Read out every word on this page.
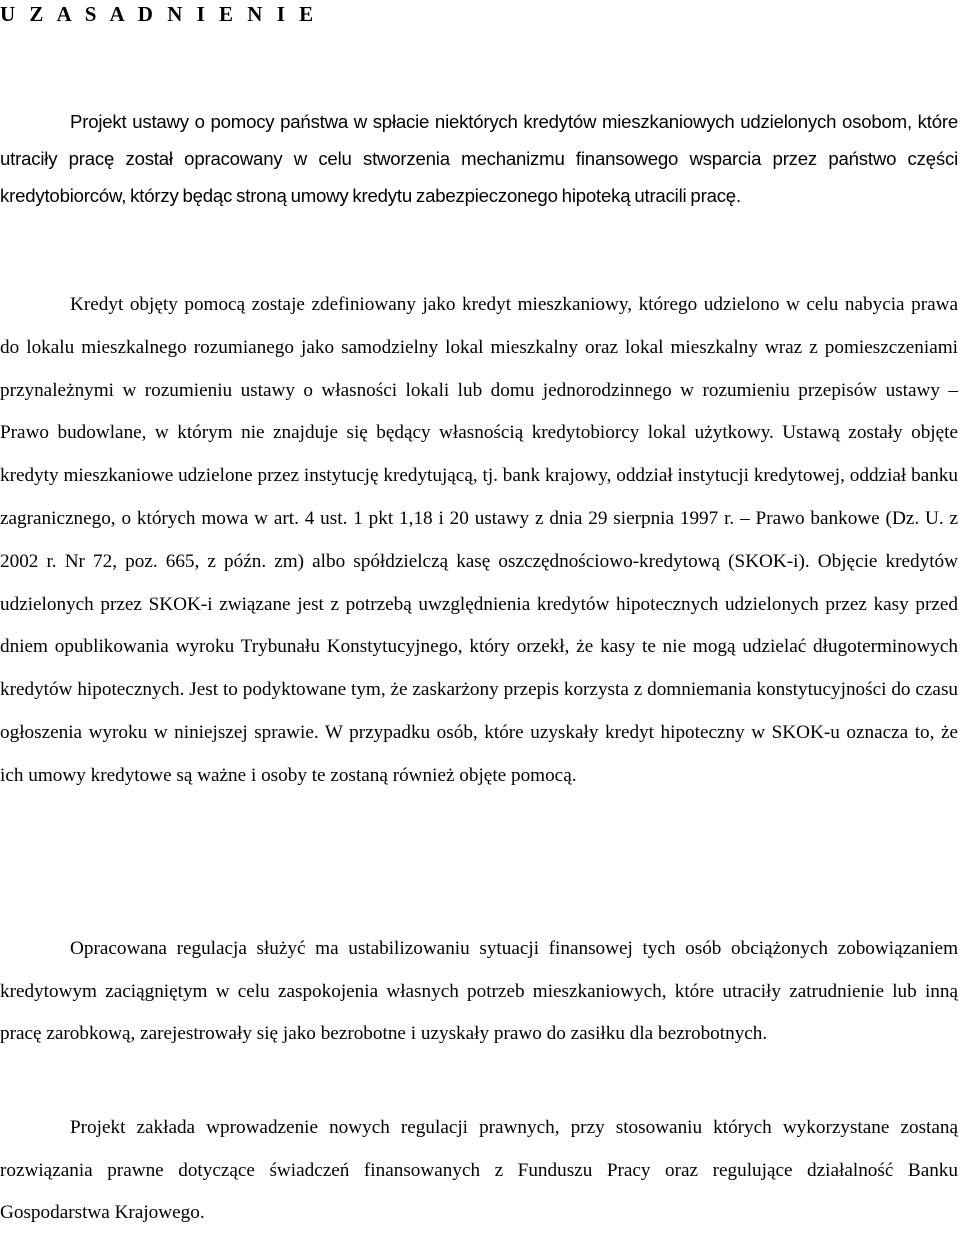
U Z A S A D N I E N I E

Projekt ustawy o pomocy państwa w spłacie niektórych kredytów mieszkaniowych udzielonych osobom, które utraciły pracę został opracowany w celu stworzenia mechanizmu finansowego wsparcia przez państwo części kredytobiorców, którzy będąc stroną umowy kredytu zabezpieczonego hipoteką utracili pracę.

Kredyt objęty pomocą zostaje zdefiniowany jako kredyt mieszkaniowy, którego udzielono w celu nabycia prawa do lokalu mieszkalnego rozumianego jako samodzielny lokal mieszkalny oraz lokal mieszkalny wraz z pomieszczeniami przynależnymi w rozumieniu ustawy o własności lokali lub domu jednorodzinnego w rozumieniu przepisów ustawy – Prawo budowlane, w którym nie znajduje się będący własnością kredytobiorcy lokal użytkowy. Ustawą zostały objęte kredyty mieszkaniowe udzielone przez instytucję kredytującą, tj. bank krajowy, oddział instytucji kredytowej, oddział banku zagranicznego, o których mowa w art. 4 ust. 1 pkt 1,18 i 20 ustawy z dnia 29 sierpnia 1997 r. – Prawo bankowe (Dz. U. z 2002 r. Nr 72, poz. 665, z późn. zm) albo spółdzielczą kasę oszczędnościowo-kredytową (SKOK-i). Objęcie kredytów udzielonych przez SKOK-i związane jest z potrzebą uwzględnienia kredytów hipotecznych udzielonych przez kasy przed dniem opublikowania wyroku Trybunału Konstytucyjnego, który orzekł, że kasy te nie mogą udzielać długoterminowych kredytów hipotecznych. Jest to podyktowane tym, że zaskarżony przepis korzysta z domniemania konstytucyjności do czasu ogłoszenia wyroku w niniejszej sprawie. W przypadku osób, które uzyskały kredyt hipoteczny w SKOK-u oznacza to, że ich umowy kredytowe są ważne i osoby te zostaną również objęte pomocą.

Opracowana regulacja służyć ma ustabilizowaniu sytuacji finansowej tych osób obciążonych zobowiązaniem kredytowym zaciągniętym w celu zaspokojenia własnych potrzeb mieszkaniowych, które utraciły zatrudnienie lub inną pracę zarobkową, zarejestrowały się jako bezrobotne i uzyskały prawo do zasiłku dla bezrobotnych.

Projekt zakłada wprowadzenie nowych regulacji prawnych, przy stosowaniu których wykorzystane zostaną rozwiązania prawne dotyczące świadczeń finansowanych z Funduszu Pracy oraz regulujące działalność Banku Gospodarstwa Krajowego.
